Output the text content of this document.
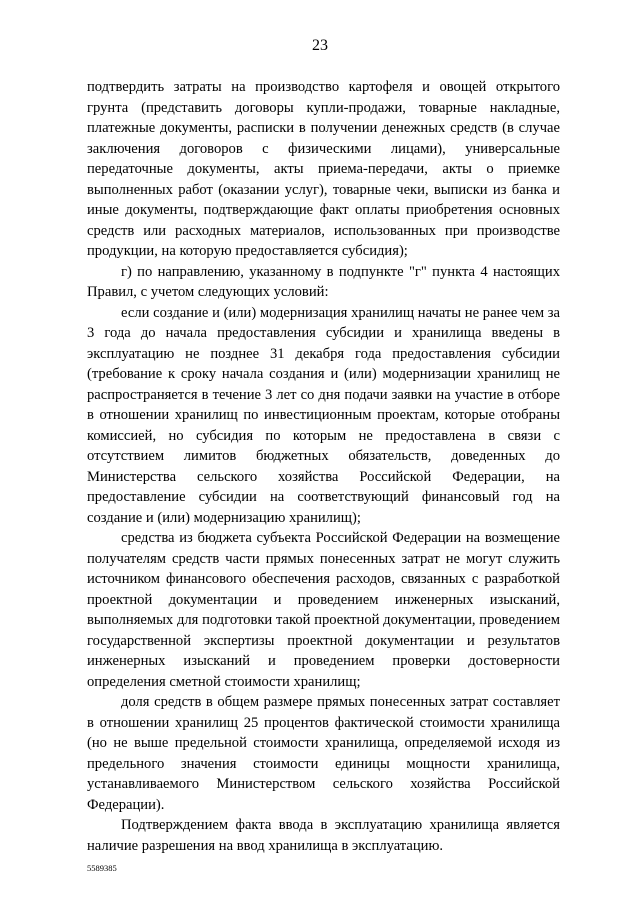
23

подтвердить затраты на производство картофеля и овощей открытого грунта (представить договоры купли-продажи, товарные накладные, платежные документы, расписки в получении денежных средств (в случае заключения договоров с физическими лицами), универсальные передаточные документы, акты приема-передачи, акты о приемке выполненных работ (оказании услуг), товарные чеки, выписки из банка и иные документы, подтверждающие факт оплаты приобретения основных средств или расходных материалов, использованных при производстве продукции, на которую предоставляется субсидия);

г) по направлению, указанному в подпункте "г" пункта 4 настоящих Правил, с учетом следующих условий:

если создание и (или) модернизация хранилищ начаты не ранее чем за 3 года до начала предоставления субсидии и хранилища введены в эксплуатацию не позднее 31 декабря года предоставления субсидии (требование к сроку начала создания и (или) модернизации хранилищ не распространяется в течение 3 лет со дня подачи заявки на участие в отборе в отношении хранилищ по инвестиционным проектам, которые отобраны комиссией, но субсидия по которым не предоставлена в связи с отсутствием лимитов бюджетных обязательств, доведенных до Министерства сельского хозяйства Российской Федерации, на предоставление субсидии на соответствующий финансовый год на создание и (или) модернизацию хранилищ);

средства из бюджета субъекта Российской Федерации на возмещение получателям средств части прямых понесенных затрат не могут служить источником финансового обеспечения расходов, связанных с разработкой проектной документации и проведением инженерных изысканий, выполняемых для подготовки такой проектной документации, проведением государственной экспертизы проектной документации и результатов инженерных изысканий и проведением проверки достоверности определения сметной стоимости хранилищ;

доля средств в общем размере прямых понесенных затрат составляет в отношении хранилищ 25 процентов фактической стоимости хранилища (но не выше предельной стоимости хранилища, определяемой исходя из предельного значения стоимости единицы мощности хранилища, устанавливаемого Министерством сельского хозяйства Российской Федерации).

Подтверждением факта ввода в эксплуатацию хранилища является наличие разрешения на ввод хранилища в эксплуатацию.

5589385
